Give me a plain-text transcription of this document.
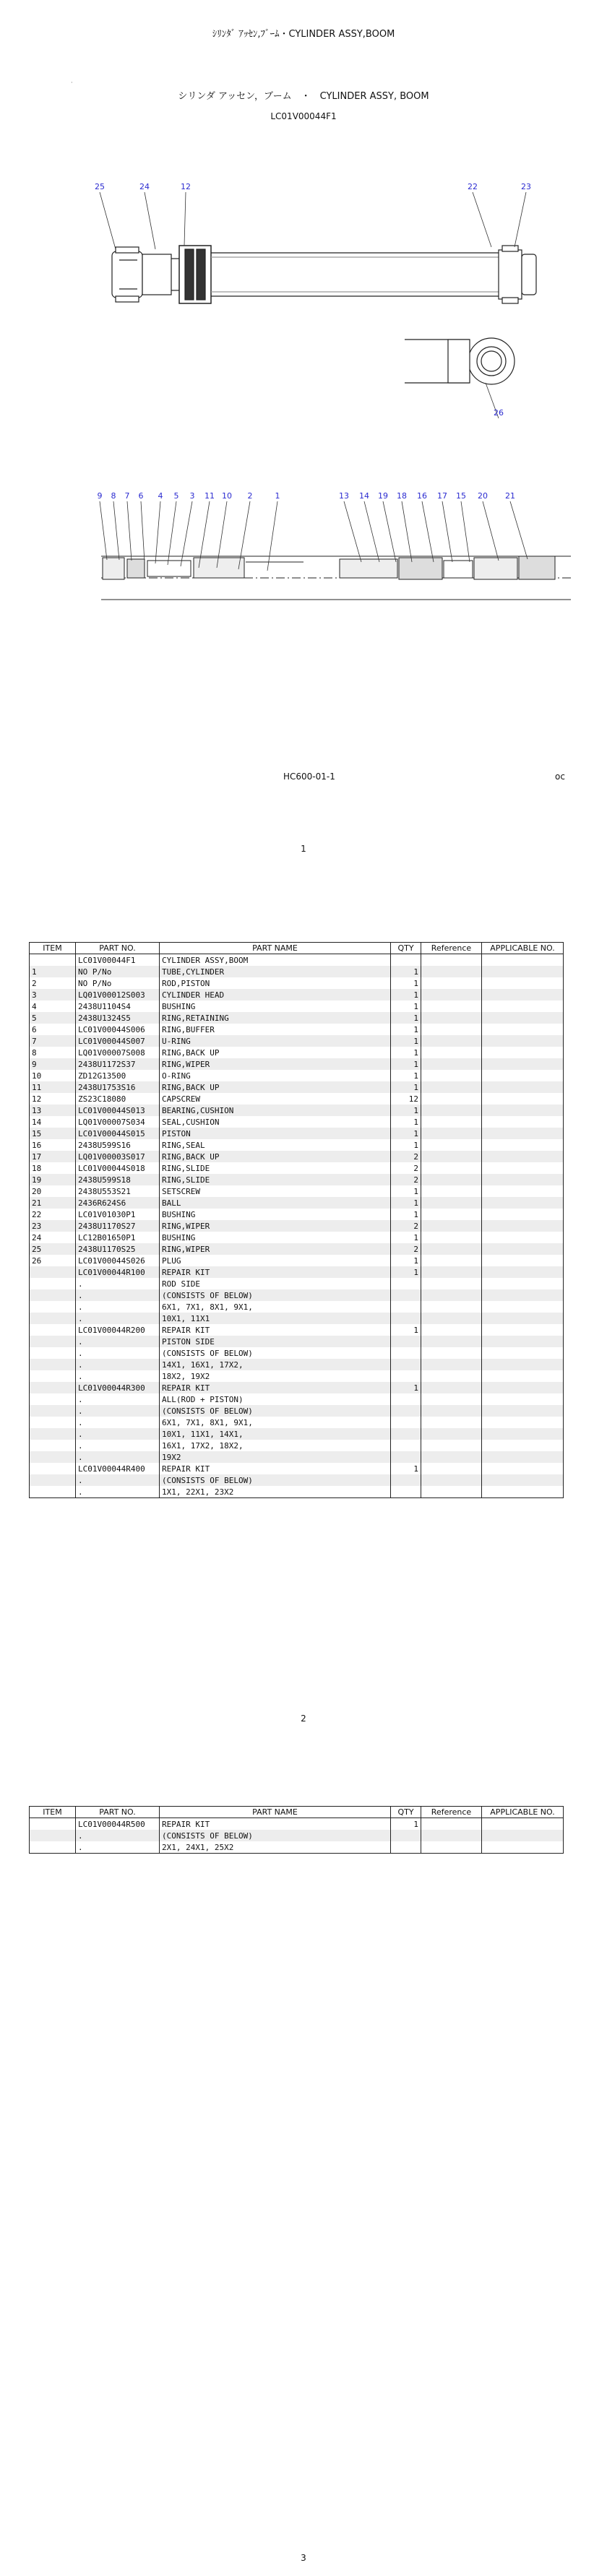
ｼﾘﾝﾀﾞ ｱｯｾﾝ,ﾌﾞｰﾑ・CYLINDER ASSY,BOOM
·
シリンダ アッセン，ブーム　・　CYLINDER ASSY, BOOM
LC01V00044F1
25	24	12	22	23
26
9 8 7 6 4 5 3 11 10 2	1	13 14 19 18 16 17 15 20 21
HC600-01-1	oc
1
ITEM	PART NO.	PART NAME	QTY	Reference	APPLICABLE NO.
	LC01V00044F1	CYLINDER ASSY,BOOM			
1	NO P/No	TUBE,CYLINDER	1		
2	NO P/No	ROD,PISTON	1		
3	LQ01V00012S003	CYLINDER HEAD	1		
4	2438U1104S4	BUSHING	1		
5	2438U1324S5	RING,RETAINING	1		
6	LC01V00044S006	RING,BUFFER	1		
7	LC01V00044S007	U-RING	1		
8	LQ01V00007S008	RING,BACK UP	1		
9	2438U1172S37	RING,WIPER	1		
10	ZD12G13500	O-RING	1		
11	2438U1753S16	RING,BACK UP	1		
12	ZS23C18080	CAPSCREW	12		
13	LC01V00044S013	BEARING,CUSHION	1		
14	LQ01V00007S034	SEAL,CUSHION	1		
15	LC01V00044S015	PISTON	1		
16	2438U599S16	RING,SEAL	1		
17	LQ01V00003S017	RING,BACK UP	2		
18	LC01V00044S018	RING,SLIDE	2		
19	2438U599S18	RING,SLIDE	2		
20	2438U553S21	SETSCREW	1		
21	2436R624S6	BALL	1		
22	LC01V01030P1	BUSHING	1		
23	2438U1170S27	RING,WIPER	2		
24	LC12B01650P1	BUSHING	1		
25	2438U1170S25	RING,WIPER	2		
26	LC01V00044S026	PLUG	1		
	LC01V00044R100	REPAIR KIT	1		
	.	ROD SIDE			
	.	(CONSISTS OF BELOW)			
	.	6X1, 7X1, 8X1, 9X1,			
	.	10X1, 11X1			
	LC01V00044R200	REPAIR KIT	1		
	.	PISTON SIDE			
	.	(CONSISTS OF BELOW)			
	.	14X1, 16X1, 17X2,			
	.	18X2, 19X2			
	LC01V00044R300	REPAIR KIT	1		
	.	ALL(ROD + PISTON)			
	.	(CONSISTS OF BELOW)			
	.	6X1, 7X1, 8X1, 9X1,			
	.	10X1, 11X1, 14X1,			
	.	16X1, 17X2, 18X2,			
	.	19X2			
	LC01V00044R400	REPAIR KIT	1		
	.	(CONSISTS OF BELOW)			
	.	1X1, 22X1, 23X2			
2
ITEM	PART NO.	PART NAME	QTY	Reference	APPLICABLE NO.
	LC01V00044R500	REPAIR KIT	1		
	.	(CONSISTS OF BELOW)			
	.	2X1, 24X1, 25X2			
3
